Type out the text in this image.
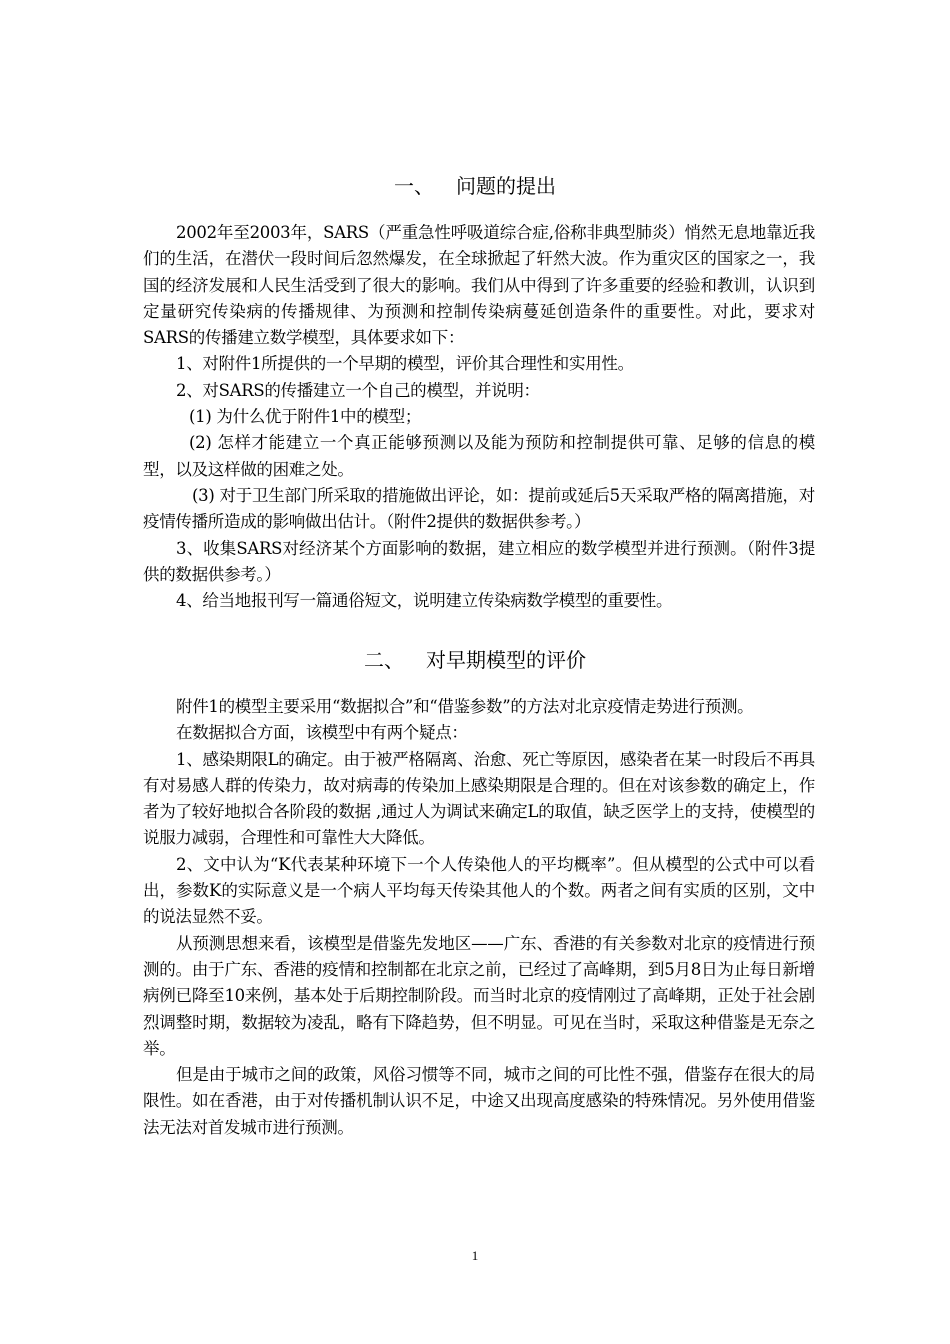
一、 问题的提出

2002年至2003年，SARS（严重急性呼吸道综合症,俗称非典型肺炎）悄然无息地靠近我们的生活，在潜伏一段时间后忽然爆发，在全球掀起了轩然大波。作为重灾区的国家之一，我国的经济发展和人民生活受到了很大的影响。我们从中得到了许多重要的经验和教训，认识到定量研究传染病的传播规律、为预测和控制传染病蔓延创造条件的重要性。对此，要求对SARS的传播建立数学模型，具体要求如下：

1、对附件1所提供的一个早期的模型，评价其合理性和实用性。

2、对SARS的传播建立一个自己的模型，并说明：

(1) 为什么优于附件1中的模型；

(2) 怎样才能建立一个真正能够预测以及能为预防和控制提供可靠、足够的信息的模型，以及这样做的困难之处。

(3) 对于卫生部门所采取的措施做出评论，如：提前或延后5天采取严格的隔离措施，对疫情传播所造成的影响做出估计。（附件2提供的数据供参考。）

3、收集SARS对经济某个方面影响的数据，建立相应的数学模型并进行预测。（附件3提供的数据供参考。）

4、给当地报刊写一篇通俗短文，说明建立传染病数学模型的重要性。

二、 对早期模型的评价

附件1的模型主要采用“数据拟合”和“借鉴参数”的方法对北京疫情走势进行预测。

在数据拟合方面，该模型中有两个疑点：

1、感染期限L的确定。由于被严格隔离、治愈、死亡等原因，感染者在某一时段后不再具有对易感人群的传染力，故对病毒的传染加上感染期限是合理的。但在对该参数的确定上，作者为了较好地拟合各阶段的数据 ,通过人为调试来确定L的取值，缺乏医学上的支持，使模型的说服力减弱，合理性和可靠性大大降低。

2、文中认为“K代表某种环境下一个人传染他人的平均概率”。但从模型的公式中可以看出，参数K的实际意义是一个病人平均每天传染其他人的个数。两者之间有实质的区别，文中的说法显然不妥。

从预测思想来看，该模型是借鉴先发地区——广东、香港的有关参数对北京的疫情进行预测的。由于广东、香港的疫情和控制都在北京之前，已经过了高峰期，到5月8日为止每日新增病例已降至10来例，基本处于后期控制阶段。而当时北京的疫情刚过了高峰期，正处于社会剧烈调整时期，数据较为凌乱，略有下降趋势，但不明显。可见在当时，采取这种借鉴是无奈之举。

但是由于城市之间的政策，风俗习惯等不同，城市之间的可比性不强，借鉴存在很大的局限性。如在香港，由于对传播机制认识不足，中途又出现高度感染的特殊情况。另外使用借鉴法无法对首发城市进行预测。

1
